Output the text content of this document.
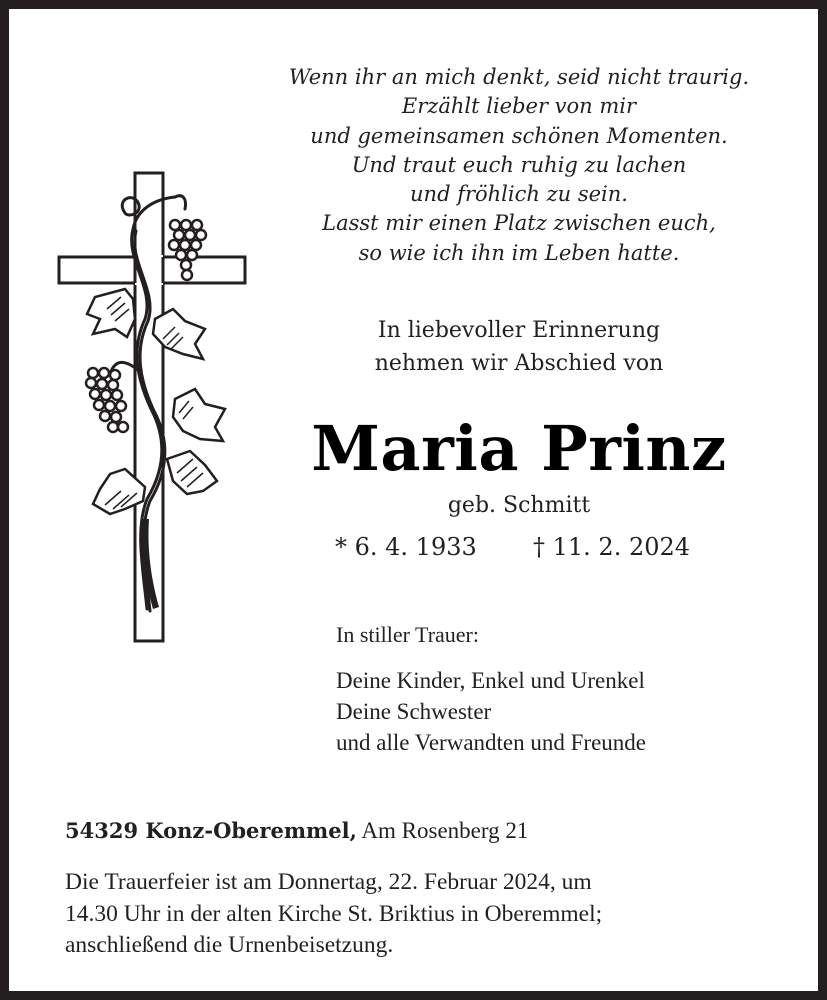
Wenn ihr an mich denkt, seid nicht traurig.
Erzählt lieber von mir
und gemeinsamen schönen Momenten.
Und traut euch ruhig zu lachen
und fröhlich zu sein.
Lasst mir einen Platz zwischen euch,
so wie ich ihn im Leben hatte.
In liebevoller Erinnerung
nehmen wir Abschied von
Maria Prinz
geb. Schmitt
* 6. 4. 1933 † 11. 2. 2024
In stiller Trauer:
Deine Kinder, Enkel und Urenkel
Deine Schwester
und alle Verwandten und Freunde
54329 Konz-Oberemmel, Am Rosenberg 21
Die Trauerfeier ist am Donnertag, 22. Februar 2024, um
14.30 Uhr in der alten Kirche St. Briktius in Oberemmel;
anschließend die Urnenbeisetzung.
